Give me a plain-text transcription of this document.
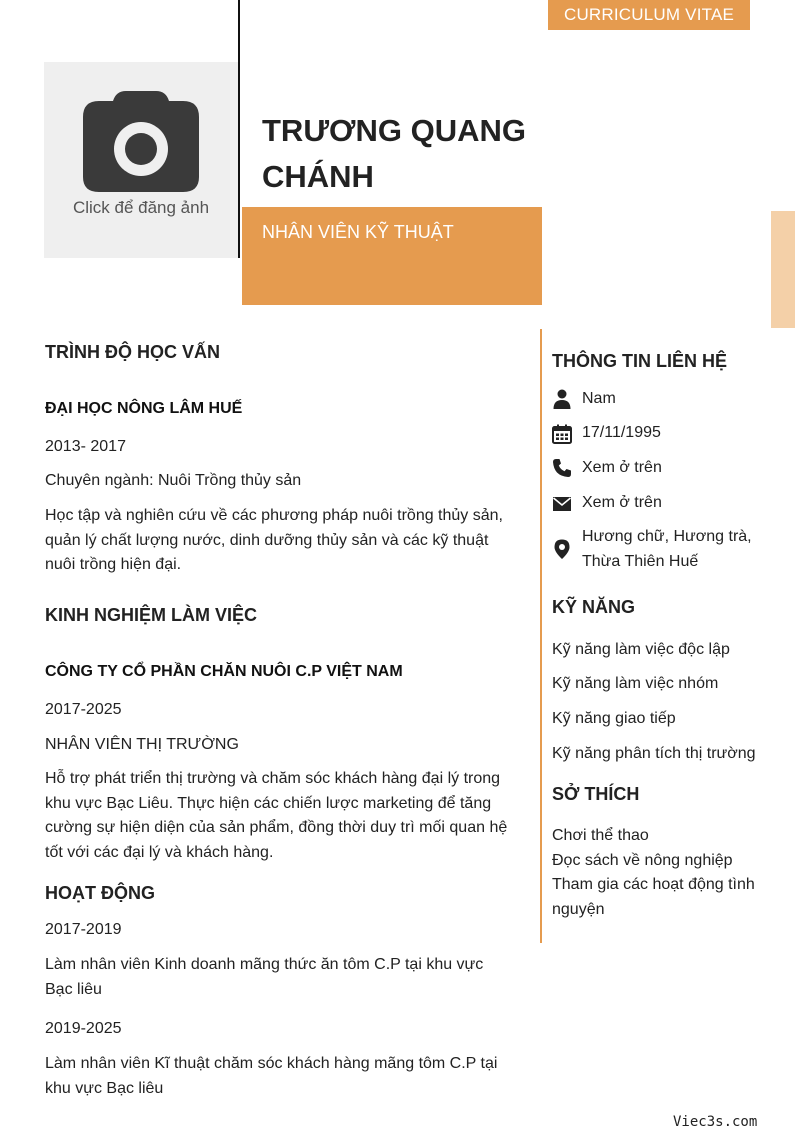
CURRICULUM VITAE
Click để đăng ảnh
TRƯƠNG QUANG CHÁNH
NHÂN VIÊN KỸ THUẬT
TRÌNH ĐỘ HỌC VẤN
ĐẠI HỌC NÔNG LÂM HUẾ
2013- 2017
Chuyên ngành: Nuôi Trồng thủy sản
Học tập và nghiên cứu về các phương pháp nuôi trồng thủy sản, quản lý chất lượng nước, dinh dưỡng thủy sản và các kỹ thuật nuôi trồng hiện đại.
KINH NGHIỆM LÀM VIỆC
CÔNG TY CỔ PHẦN CHĂN NUÔI C.P VIỆT NAM
2017-2025
NHÂN VIÊN THỊ TRƯỜNG
Hỗ trợ phát triển thị trường và chăm sóc khách hàng đại lý trong khu vực Bạc Liêu. Thực hiện các chiến lược marketing để tăng cường sự hiện diện của sản phẩm, đồng thời duy trì mối quan hệ tốt với các đại lý và khách hàng.
HOẠT ĐỘNG
2017-2019
Làm nhân viên Kinh doanh mãng thức ăn tôm C.P tại khu vực Bạc liêu
2019-2025
Làm nhân viên Kĩ thuật chăm sóc khách hàng mãng tôm C.P tại khu vực Bạc liêu
THÔNG TIN LIÊN HỆ
Nam
17/11/1995
Xem ở trên
Xem ở trên
Hương chữ, Hương trà, Thừa Thiên Huế
KỸ NĂNG
Kỹ năng làm việc độc lập
Kỹ năng làm việc nhóm
Kỹ năng giao tiếp
Kỹ năng phân tích thị trường
SỞ THÍCH
Chơi thể thao
Đọc sách về nông nghiệp
Tham gia các hoạt động tình nguyện
Viec3s.com
